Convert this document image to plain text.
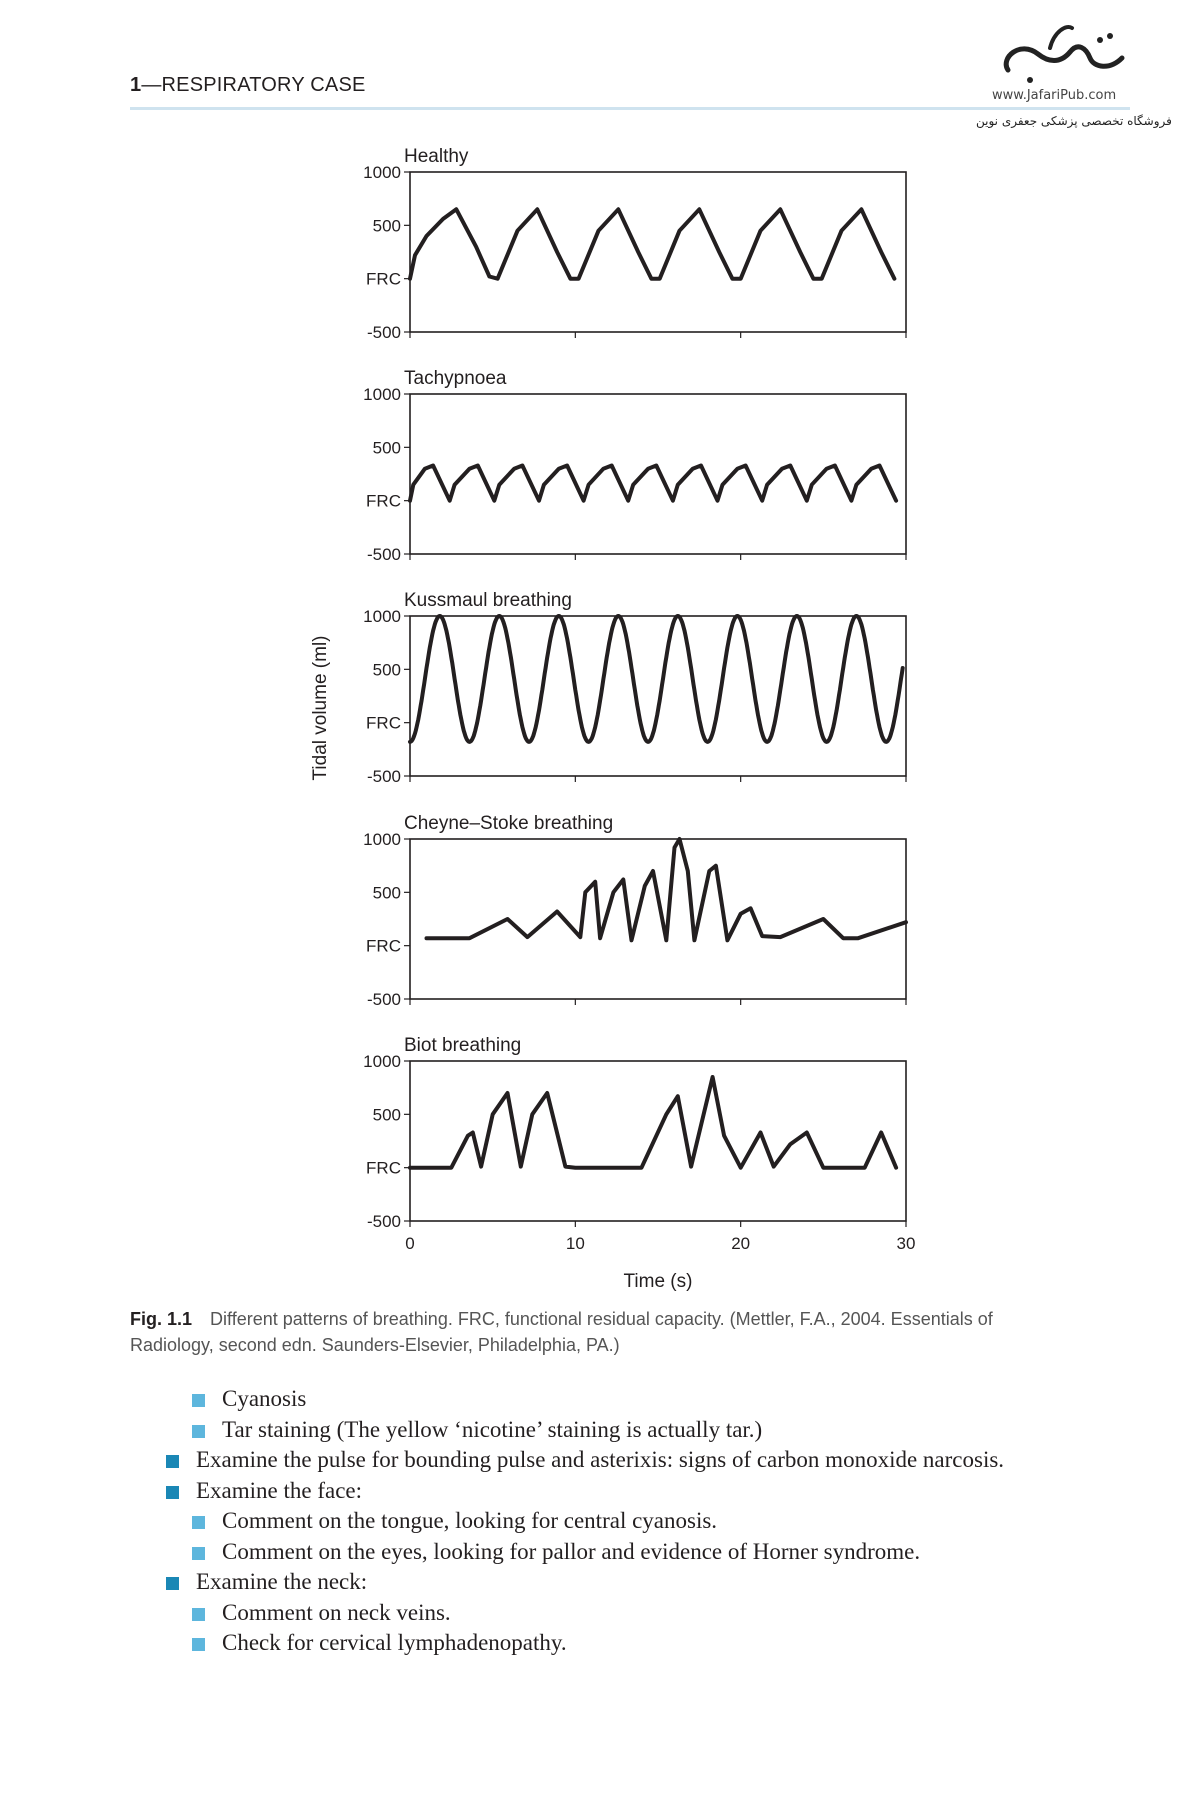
1—RESPIRATORY CASE	www.JafariPub.com
فروشگاه تخصصی پزشکی جعفری نوین
Healthy
1000
500
FRC
-500
Tachypnoea
1000
500
FRC
-500
Kussmaul breathing
1000
500
FRC
-500
Cheyne–Stoke breathing
1000
500
FRC
-500
Biot breathing
1000
500
FRC
-500
0	10	20	30
Tidal volume (ml)
Time (s)
Fig. 1.1 Different patterns of breathing. FRC, functional residual capacity. (Mettler, F.A., 2004. Essentials of Radiology, second edn. Saunders-Elsevier, Philadelphia, PA.)
Cyanosis
Tar staining (The yellow ‘nicotine’ staining is actually tar.)
Examine the pulse for bounding pulse and asterixis: signs of carbon monoxide narcosis.
Examine the face:
Comment on the tongue, looking for central cyanosis.
Comment on the eyes, looking for pallor and evidence of Horner syndrome.
Examine the neck:
Comment on neck veins.
Check for cervical lymphadenopathy.
